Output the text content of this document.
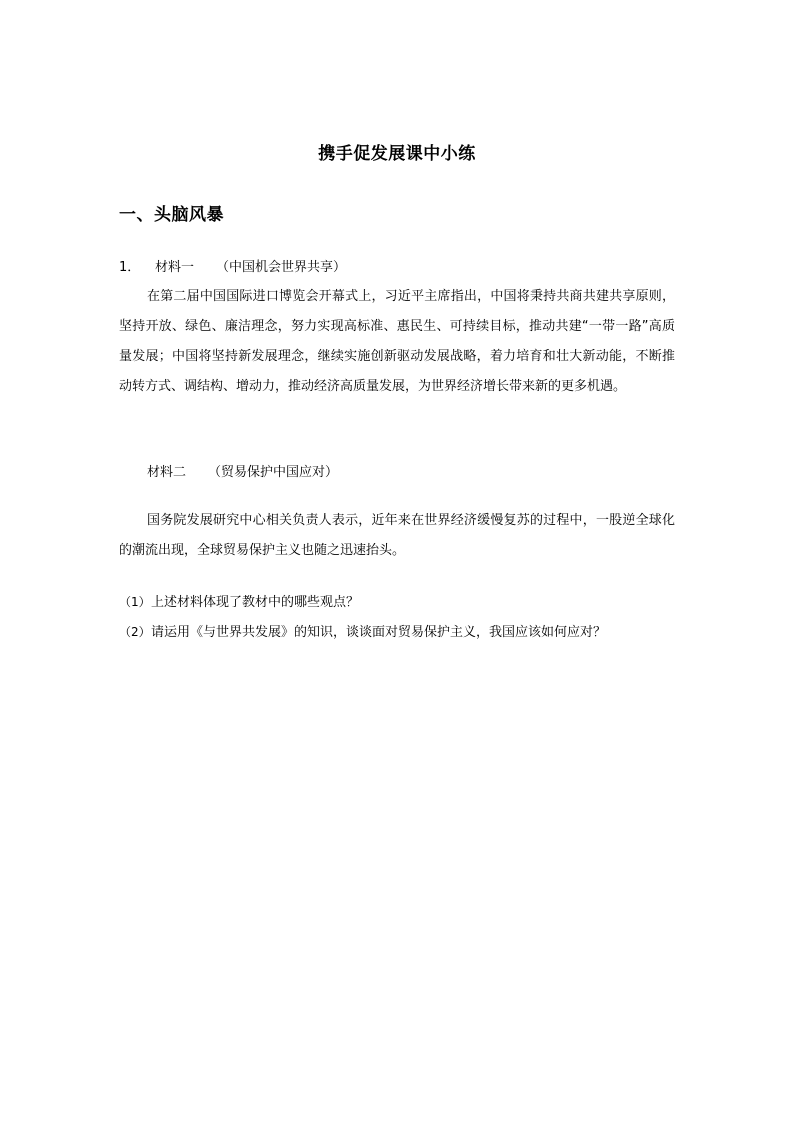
携手促发展课中小练
一、头脑风暴
1． 材料一 （中国机会世界共享）
在第二届中国国际进口博览会开幕式上，习近平主席指出，中国将秉持共商共建共享原则，坚持开放、绿色、廉洁理念，努力实现高标准、惠民生、可持续目标，推动共建“一带一路”高质量发展；中国将坚持新发展理念，继续实施创新驱动发展战略，着力培育和壮大新动能，不断推动转方式、调结构、增动力，推动经济高质量发展，为世界经济增长带来新的更多机遇。
材料二 （贸易保护中国应对）
国务院发展研究中心相关负责人表示，近年来在世界经济缓慢复苏的过程中，一股逆全球化的潮流出现，全球贸易保护主义也随之迅速抬头。
（1）上述材料体现了教材中的哪些观点？
（2）请运用《与世界共发展》的知识，谈谈面对贸易保护主义，我国应该如何应对？
